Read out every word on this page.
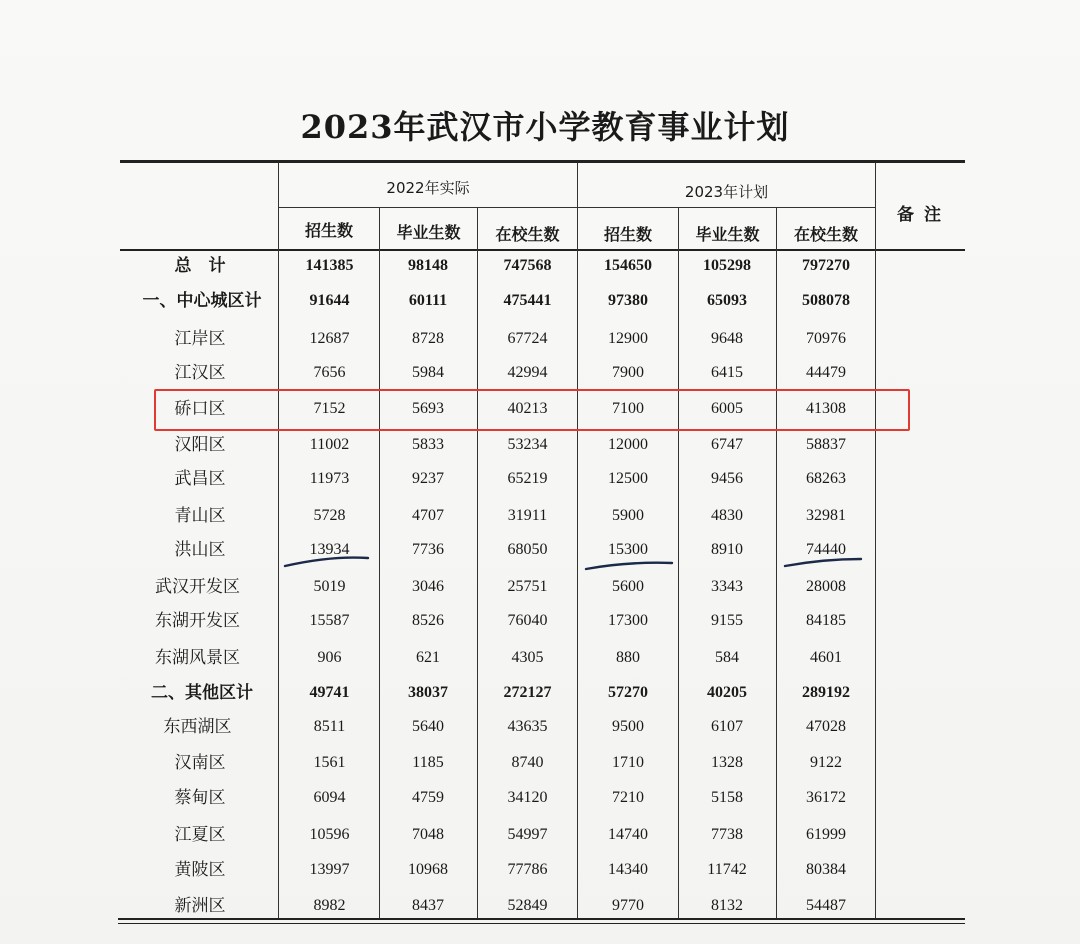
2023年武汉市小学教育事业计划
2022年实际	2023年计划
备注
招生数	毕业生数	在校生数	招生数	毕业生数	在校生数
总　计	141385	98148	747568	154650	105298	797270
一、中心城区计	91644	60111	475441	97380	65093	508078
江岸区	12687	8728	67724	12900	9648	70976
江汉区	7656	5984	42994	7900	6415	44479
硚口区	7152	5693	40213	7100	6005	41308
汉阳区	11002	5833	53234	12000	6747	58837
武昌区	11973	9237	65219	12500	9456	68263
青山区	5728	4707	31911	5900	4830	32981
洪山区	13934	7736	68050	15300	8910	74440
武汉开发区	5019	3046	25751	5600	3343	28008
东湖开发区	15587	8526	76040	17300	9155	84185
东湖风景区	906	621	4305	880	584	4601
二、其他区计	49741	38037	272127	57270	40205	289192
东西湖区	8511	5640	43635	9500	6107	47028
汉南区	1561	1185	8740	1710	1328	9122
蔡甸区	6094	4759	34120	7210	5158	36172
江夏区	10596	7048	54997	14740	7738	61999
黄陂区	13997	10968	77786	14340	11742	80384
新洲区	8982	8437	52849	9770	8132	54487
